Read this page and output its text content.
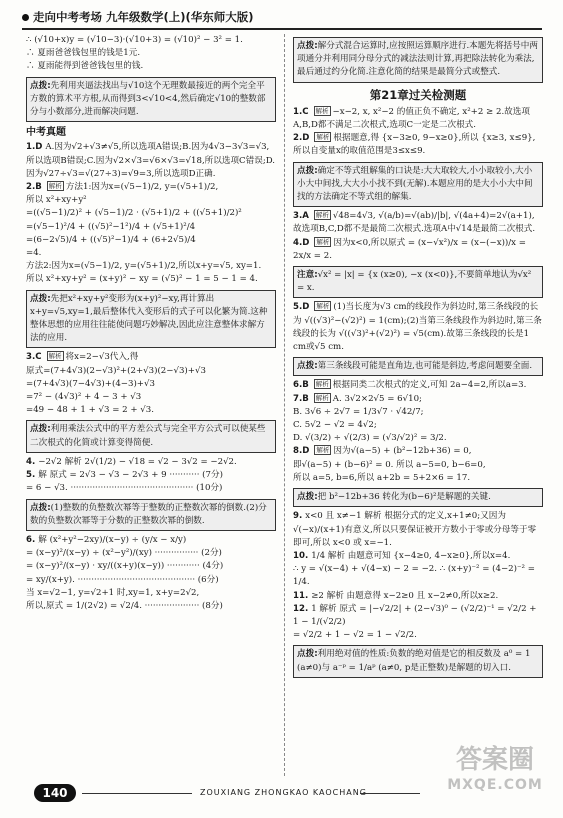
走向中考考场 九年级数学(上)(华东师大版)
∴ (√10+x)y = (√10−3)·(√10+3) = (√10)² − 3² = 1.
∴ 夏雨爸爸钱包里的钱是1元.
∴ 夏雨能得到爸爸钱包里的钱.
点拨:先利用夹逼法找出与√10这个无理数最接近的两个完全平方数的算术平方根,从而得到3<√10<4,然后确定√10的整数部分与小数部分,进而解决问题.
中考真题
1.D A.因为√2+√3≠√5,所以选项A错误;B.因为4√3−3√3=√3,所以选项B错误;C.因为√2×√3=√6×√3=√18,所以选项C错误;D.因为√27÷√3=√(27÷3)=√9=3,所以选项D正确.
2.B 解析 方法1:因为x=(√5−1)/2, y=(√5+1)/2,
所以 x²+xy+y²
=((√5−1)/2)² + (√5−1)/2 · (√5+1)/2 + ((√5+1)/2)²
=(√5−1)²/4 + ((√5)²−1²)/4 + (√5+1)²/4
=(6−2√5)/4 + ((√5)²−1)/4 + (6+2√5)/4
=4.
方法2:因为x=(√5−1)/2, y=(√5+1)/2,所以x+y=√5, xy=1.
所以 x²+xy+y² = (x+y)² − xy = (√5)² − 1 = 5 − 1 = 4.
点拨:先把x²+xy+y²变形为(x+y)²−xy,再计算出x+y=√5,xy=1,最后整体代入变形后的式子可以化繁为简.这种整体思想的应用往往能使问题巧妙解决,因此应注意整体求解方法的应用.
3.C 解析 将x=2−√3代入,得
原式=(7+4√3)(2−√3)²+(2+√3)(2−√3)+√3
=(7+4√3)(7−4√3)+(4−3)+√3
=7² − (4√3)² + 4 − 3 + √3
=49 − 48 + 1 + √3 = 2 + √3.
点拨:利用乘法公式中的平方差公式与完全平方公式可以使某些二次根式的化简或计算变得简便.
4. −2√2 解析 2√(1/2) − √18 = √2 − 3√2 = −2√2.
5. 解 原式 = 2√3 − √3 − 2√3 + 9 ··········· (7分)
= 6 − √3. ············································· (10分)
点拨:(1)整数的负整数次幂等于整数的正整数次幂的倒数.(2)分数的负整数次幂等于分数的正整数次幂的倒数.
6. 解 (x²+y²−2xy)/(x−y) ÷ (y/x − x/y)
= (x−y)²/(x−y) ÷ (x²−y²)/(xy) ················ (2分)
= (x−y)²/(x−y) · xy/((x+y)(x−y)) ············ (4分)
= xy/(x+y). ··········································· (6分)
当 x=√2−1, y=√2+1 时,xy=1, x+y=2√2,
所以,原式 = 1/(2√2) = √2/4. ···················· (8分)
点拨:解分式混合运算时,应按照运算顺序进行.本题先将括号中两项通分并利用同分母分式的减法法则计算,再把除法转化为乘法,最后通过约分化简.注意化简的结果是最简分式或整式.
第21章过关检测题
1.C 解析 −x−2, x, x²−2 的值正负不确定, x²+2 ≥ 2.故选项A,B,D都不满足二次根式,选项C一定是二次根式.
2.D 解析 根据题意,得 {x−3≥0, 9−x≥0},所以 {x≥3, x≤9},所以自变量x的取值范围是3≤x≤9.
点拨:确定不等式组解集的口诀是:大大取较大,小小取较小,大小小大中间找,大大小小找不到(无解).本题应用的是大小小大中间找的方法确定不等式组的解集.
3.A 解析 √48=4√3, √(a/b)=√(ab)/|b|, √(4a+4)=2√(a+1),故选项B,C,D都不是最简二次根式.选项A中√14是最简二次根式.
4.D 解析 因为x<0,所以原式 = (x−√x²)/x = (x−(−x))/x = 2x/x = 2.
注意:√x² = |x| = {x (x≥0), −x (x<0)},不要简单地认为√x² = x.
5.D 解析 (1)当长度为√3 cm的线段作为斜边时,第三条线段的长为 √((√3)²−(√2)²) = 1(cm);(2)当第三条线段作为斜边时,第三条线段的长为 √((√3)²+(√2)²) = √5(cm).故第三条线段的长是1 cm或√5 cm.
点拨:第三条线段可能是直角边,也可能是斜边,考虑问题要全面.
6.B 解析 根据同类二次根式的定义,可知 2a−4=2,所以a=3.
7.B 解析 A. 3√2×2√5 = 6√10;
B. 3√6 ÷ 2√7 = 1/3√7 · √42/7;
C. 5√2 − √2 = 4√2;
D. √(3/2) ÷ √(2/3) = (√3/√2)² = 3/2.
8.D 解析 因为√(a−5) + (b²−12b+36) = 0,
即√(a−5) + (b−6)² = 0. 所以 a−5=0, b−6=0,
所以 a=5, b=6,所以 a+2b = 5+2×6 = 17.
点拨:把 b²−12b+36 转化为(b−6)²是解题的关键.
9. x<0 且 x≠−1 解析 根据分式的定义,x+1≠0;又因为√(−x)/(x+1)有意义,所以只要保证被开方数小于零或分母等于零即可,所以 x<0 或 x=−1.
10. 1/4 解析 由题意可知 {x−4≥0, 4−x≥0},所以x=4.
∴ y = √(x−4) + √(4−x) − 2 = −2. ∴ (x+y)⁻² = (4−2)⁻² = 1/4.
11. ≥2 解析 由题意得 x−2≥0 且 x−2≠0,所以x≥2.
12. 1 解析 原式 = |−√2/2| + (2−√3)⁰ − (√2/2)⁻¹ = √2/2 + 1 − 1/(√2/2)
= √2/2 + 1 − √2 = 1 − √2/2.
点拨:利用绝对值的性质:负数的绝对值是它的相反数及 a⁰ = 1 (a≠0)与 a⁻ᵖ = 1/aᵖ (a≠0, p是正整数)是解题的切入口.
140	ZOUXIANG ZHONGKAO KAOCHANG
答案圈
MXQE.COM
